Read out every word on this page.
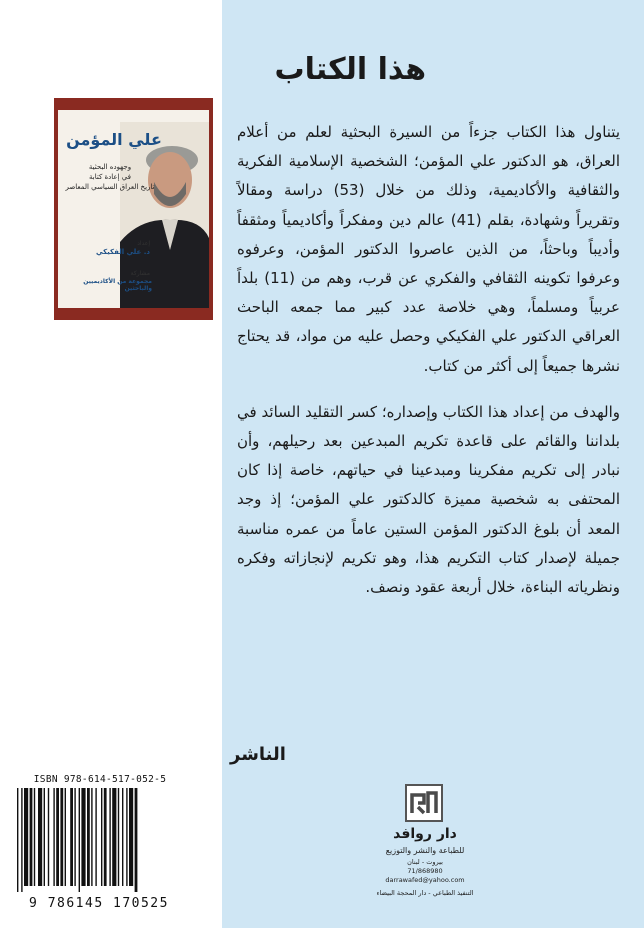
علي المؤمن
وجهوده البحثية
في إعادة كتابة
تاريخ العراق السياسي المعاصر
إعداد
د. علي الفكيكي
مشاركة
مجموعة من الأكاديميين والباحثين
هذا الكتاب

يتناول هذا الكتاب جزءاً من السيرة البحثية لعلم من أعلام العراق، هو الدكتور علي المؤمن؛ الشخصية الإسلامية الفكرية والثقافية والأكاديمية، وذلك من خلال (53) دراسة ومقالاً وتقريراً وشهادة، بقلم (41) عالم دين ومفكراً وأكاديمياً ومثقفاً وأديباً وباحثاً، من الذين عاصروا الدكتور المؤمن، وعرفوه وعرفوا تكوينه الثقافي والفكري عن قرب، وهم من (11) بلداً عربياً ومسلماً، وهي خلاصة عدد كبير مما جمعه الباحث العراقي الدكتور علي الفكيكي وحصل عليه من مواد، قد يحتاج نشرها جميعاً إلى أكثر من كتاب.

والهدف من إعداد هذا الكتاب وإصداره؛ كسر التقليد السائد في بلداننا والقائم على قاعدة تكريم المبدعين بعد رحيلهم، وأن نبادر إلى تكريم مفكرينا ومبدعينا في حياتهم، خاصة إذا كان المحتفى به شخصية مميزة كالدكتور علي المؤمن؛ إذ وجد المعد أن بلوغ الدكتور المؤمن الستين عاماً من عمره مناسبة جميلة لإصدار كتاب التكريم هذا، وهو تكريم لإنجازاته وفكره ونظرياته البناءة، خلال أربعة عقود ونصف.

الناشر
ISBN 978-614-517-052-5
9 786145 170525
دار روافد
للطباعة والنشر والتوزيع
بيروت - لبنان
71/868980
darrawafed@yahoo.com
التنفيذ الطباعي - دار المحجة البيضاء
